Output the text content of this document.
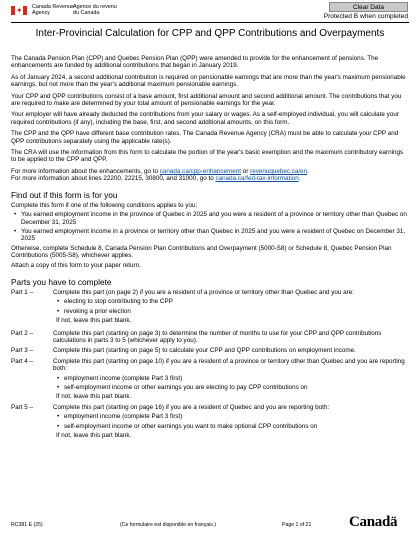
✦ Canada Revenue
Agency
Agence du revenu
du Canada
Clear Data
Protected B when completed
Inter-Provincial Calculation for CPP and QPP Contributions and Overpayments

The Canada Pension Plan (CPP) and Quebec Pension Plan (QPP) were amended to provide for the enhancement of pensions. The enhancements are funded by additional contributions that began in January 2019.

As of January 2024, a second additional contribution is required on pensionable earnings that are more than the year's maximum pensionable earnings, but not more than the year's additional maximum pensionable earnings.

Your CPP and QPP contributions consist of a base amount, first additional amount and second additional amount. The contributions that you are required to make are determined by your total amount of pensionable earnings for the year.

Your employer will have already deducted the contributions from your salary or wages. As a self-employed individual, you will calculate your required contributions (if any), including the base, first, and second additional amounts, on this form.

The CPP and the QPP have different base contribution rates. The Canada Revenue Agency (CRA) must be able to calculate your CPP and QPP contributions separately using the applicable rate(s).

The CRA will use the information from this form to calculate the portion of the year's basic exemption and the maximum contributory earnings to be applied to the CPP and QPP.

For more information about the enhancements, go to canada.ca/cpp-enhancement or revenuquebec.ca/en.

For more information about lines 22200, 22215, 30800, and 31000, go to canada.ca/fed-tax-information.

Find out if this form is for you

Complete this form if one of the following conditions applies to you:

• You earned employment income in the province of Quebec in 2025 and you were a resident of a province or territory other than Quebec on December 31, 2025

• You earned employment income in a province or territory other than Quebec in 2025 and you were a resident of Quebec on December 31, 2025

Otherwise, complete Schedule 8, Canada Pension Plan Contributions and Overpayment (5000-S8) or Schedule 8, Quebec Pension Plan Contributions (5005-S8), whichever applies.

Attach a copy of this form to your paper return.

Parts you have to complete

Part 1 –	Complete this part (on page 2) if you are a resident of a province or territory other than Quebec and you are:

• electing to stop contributing to the CPP

• revoking a prior election

If not, leave this part blank.

Part 2 –	Complete this part (starting on page 3) to determine the number of months to use for your CPP and QPP contributions calculations in parts 3 to 5 (whichever apply to you).

Part 3 –	Complete this part (starting on page 5) to calculate your CPP and QPP contributions on employment income.

Part 4 –	Complete this part (starting on page 10) if you are a resident of a province or territory other than Quebec and you are reporting both:

• employment income (complete Part 3 first)

• self-employment income or other earnings you are electing to pay CPP contributions on

If not, leave this part blank.

Part 5 –	Complete this part (starting on page 16) if you are a resident of Quebec and you are reporting both:

• employment income (complete Part 3 first)

• self-employment income or other earnings you want to make optional CPP contributions on

If not, leave this part blank.

RC381 E (25)	(Ce formulaire est disponible en français.)	Page 1 of 21	Canadä
